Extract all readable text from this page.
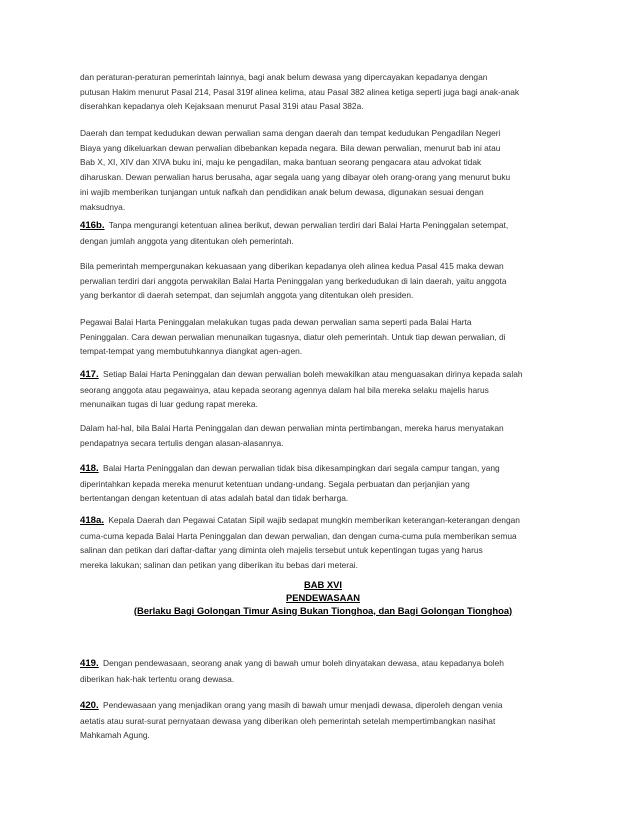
dan peraturan-peraturan pemerintah lainnya, bagi anak belum dewasa yang dipercayakan kepadanya dengan
putusan Hakim menurut Pasal 214, Pasal 319f alinea kelima, atau Pasal 382 alinea ketiga seperti juga bagi anak-anak
diserahkan kepadanya oleh Kejaksaan menurut Pasal 319i atau Pasal 382a.
Daerah dan tempat kedudukan dewan perwalian sama dengan daerah dan tempat kedudukan Pengadilan Negeri
Biaya yang dikeluarkan dewan perwalian dibebankan kepada negara. Bila dewan perwalian, menurut bab ini atau
Bab X, XI, XIV dan XIVA buku ini, maju ke pengadilan, maka bantuan seorang pengacara atau advokat tidak
diharuskan. Dewan perwalian harus berusaha, agar segala uang yang dibayar oleh orang-orang yang menurut buku
ini wajib memberikan tunjangan untuk nafkah dan pendidikan anak belum dewasa, digunakan sesuai dengan
maksudnya.
416b. Tanpa mengurangi ketentuan alinea berikut, dewan perwalian terdiri dari Balai Harta Peninggalan setempat,
dengan jumlah anggota yang ditentukan oleh pemerintah.
Bila pemerintah mempergunakan kekuasaan yang diberikan kepadanya oleh alinea kedua Pasal 415 maka dewan
perwalian terdiri dari anggota perwakilan Balai Harta Peninggalan yang berkedudukan di lain daerah, yaitu anggota
yang berkantor di daerah setempat, dan sejumlah anggota yang ditentukan oleh presiden.
Pegawai Balai Harta Peninggalan melakukan tugas pada dewan perwalian sama seperti pada Balai Harta
Peninggalan. Cara dewan perwalian menunaikan tugasnya, diatur oleh pemerintah. Untuk tiap dewan perwalian, di
tempat-tempat yang membutuhkannya diangkat agen-agen.
417. Setiap Balai Harta Peninggalan dan dewan perwalian boleh mewakilkan atau menguasakan dirinya kepada salah
seorang anggota atau pegawainya, atau kepada seorang agennya dalam hal bila mereka selaku majelis harus
menunaikan tugas di luar gedung rapat mereka.
Dalam hal-hal, bila Balai Harta Peninggalan dan dewan perwalian minta pertimbangan, mereka harus menyatakan
pendapatnya secara tertulis dengan alasan-alasannya.
418. Balai Harta Peninggalan dan dewan perwalian tidak bisa dikesampingkan dari segala campur tangan, yang
diperintahkan kepada mereka menurut ketentuan undang-undang. Segala perbuatan dan perjanjian yang
bertentangan dengan ketentuan di atas adalah batal dan tidak berharga.
418a. Kepala Daerah dan Pegawai Catatan Sipil wajib sedapat mungkin memberikan keterangan-keterangan dengan
cuma-cuma kepada Balai Harta Peninggalan dan dewan perwalian, dan dengan cuma-cuma pula memberikan semua
salinan dan petikan dari daftar-daftar yang diminta oleh majelis tersebut untuk kepentingan tugas yang harus
mereka lakukan; salinan dan petikan yang diberikan itu bebas dari meterai.
BAB XVI
PENDEWASAAN
(Berlaku Bagi Golongan Timur Asing Bukan Tionghoa, dan Bagi Golongan Tionghoa)
419. Dengan pendewasaan, seorang anak yang di bawah umur boleh dinyatakan dewasa, atau kepadanya boleh
diberikan hak-hak tertentu orang dewasa.
420. Pendewasaan yang menjadikan orang yang masih di bawah umur menjadi dewasa, diperoleh dengan venia
aetatis atau surat-surat pernyataan dewasa yang diberikan oleh pemerintah setelah mempertimbangkan nasihat
Mahkamah Agung.
